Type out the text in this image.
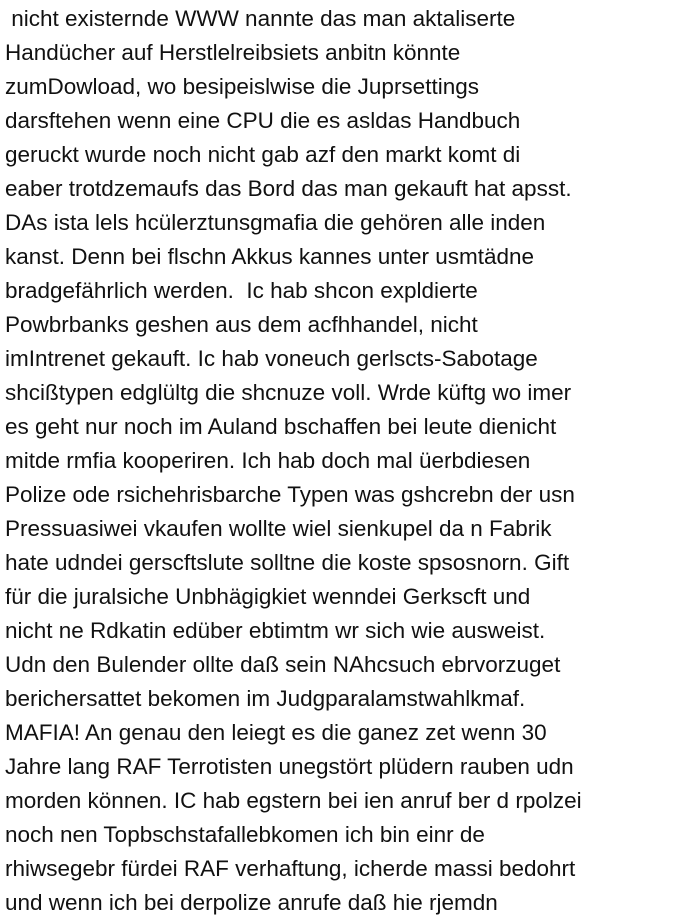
nicht existernde WWW nannte das man aktaliserte
Handücher auf Herstlelreibsiets anbitn könnte
zumDowload, wo besipeislwise die Juprsettings
darsftehen wenn eine CPU die es asldas Handbuch
geruckt wurde noch nicht gab azf den markt komt di
eaber trotdzemaufs das Bord das man gekauft hat apsst.
DAs ista lels hcülerztunsgmafia die gehören alle inden
kanst. Denn bei flschn Akkus kannes unter usmtädne
bradgefährlich werden.  Ic hab shcon expldierte
Powbrbanks geshen aus dem acfhhandel, nicht
imIntrenet gekauft. Ic hab voneuch gerlscts-Sabotage
shcißtypen edglültg die shcnuze voll. Wrde küftg wo imer
es geht nur noch im Auland bschaffen bei leute dienicht
mitde rmfia kooperiren. Ich hab doch mal üerbdiesen
Polize ode rsichehrisbarche Typen was gshcrebn der usn
Pressuasiwei vkaufen wollte wiel sienkupel da n Fabrik
hate udndei gerscftslute solltne die koste spsosnorn. Gift
für die juralsiche Unbhägigkiet wenndei Gerkscft und
nicht ne Rdkatin edüber ebtimtm wr sich wie ausweist.
Udn den Bulender ollte daß sein NAhcsuch ebrvorzuget
berichersattet bekomen im Judgparalamstwahlkmaf.
MAFIA! An genau den leiegt es die ganez zet wenn 30
Jahre lang RAF Terrotisten unegstört plüdern rauben udn
morden können. IC hab egstern bei ien anruf ber d rpolzei
noch nen Topbschstafallebkomen ich bin einr de
rhiwsegebr fürdei RAF verhaftung, icherde massi bedohrt
und wenn ich bei derpolize anrufe daß hie rjemdn
